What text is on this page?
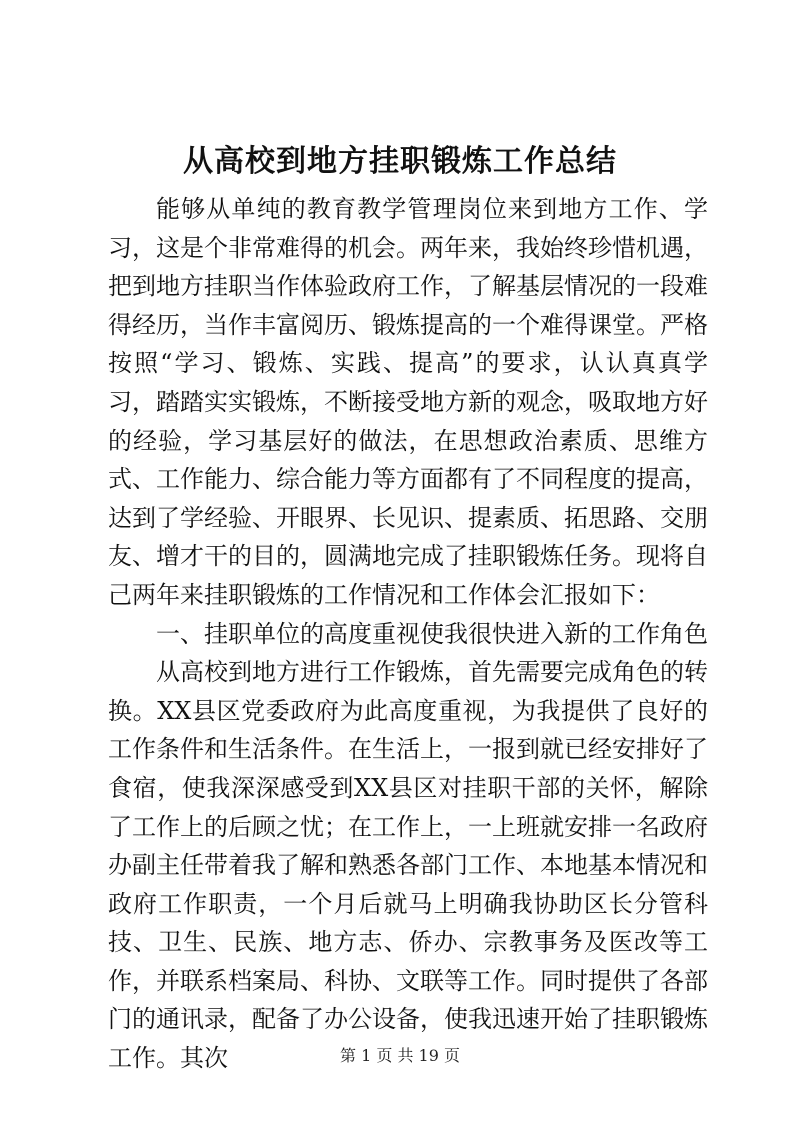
从高校到地方挂职锻炼工作总结

能够从单纯的教育教学管理岗位来到地方工作、学习，这是个非常难得的机会。两年来，我始终珍惜机遇，把到地方挂职当作体验政府工作，了解基层情况的一段难得经历，当作丰富阅历、锻炼提高的一个难得课堂。严格按照“学习、锻炼、实践、提高”的要求，认认真真学习，踏踏实实锻炼，不断接受地方新的观念，吸取地方好的经验，学习基层好的做法，在思想政治素质、思维方式、工作能力、综合能力等方面都有了不同程度的提高，达到了学经验、开眼界、长见识、提素质、拓思路、交朋友、增才干的目的，圆满地完成了挂职锻炼任务。现将自己两年来挂职锻炼的工作情况和工作体会汇报如下：

一、挂职单位的高度重视使我很快进入新的工作角色

从高校到地方进行工作锻炼，首先需要完成角色的转换。XX县区党委政府为此高度重视，为我提供了良好的工作条件和生活条件。在生活上，一报到就已经安排好了食宿，使我深深感受到XX县区对挂职干部的关怀，解除了工作上的后顾之忧；在工作上，一上班就安排一名政府办副主任带着我了解和熟悉各部门工作、本地基本情况和政府工作职责，一个月后就马上明确我协助区长分管科技、卫生、民族、地方志、侨办、宗教事务及医改等工作，并联系档案局、科协、文联等工作。同时提供了各部门的通讯录，配备了办公设备，使我迅速开始了挂职锻炼工作。其次	第 1 页 共 19 页
